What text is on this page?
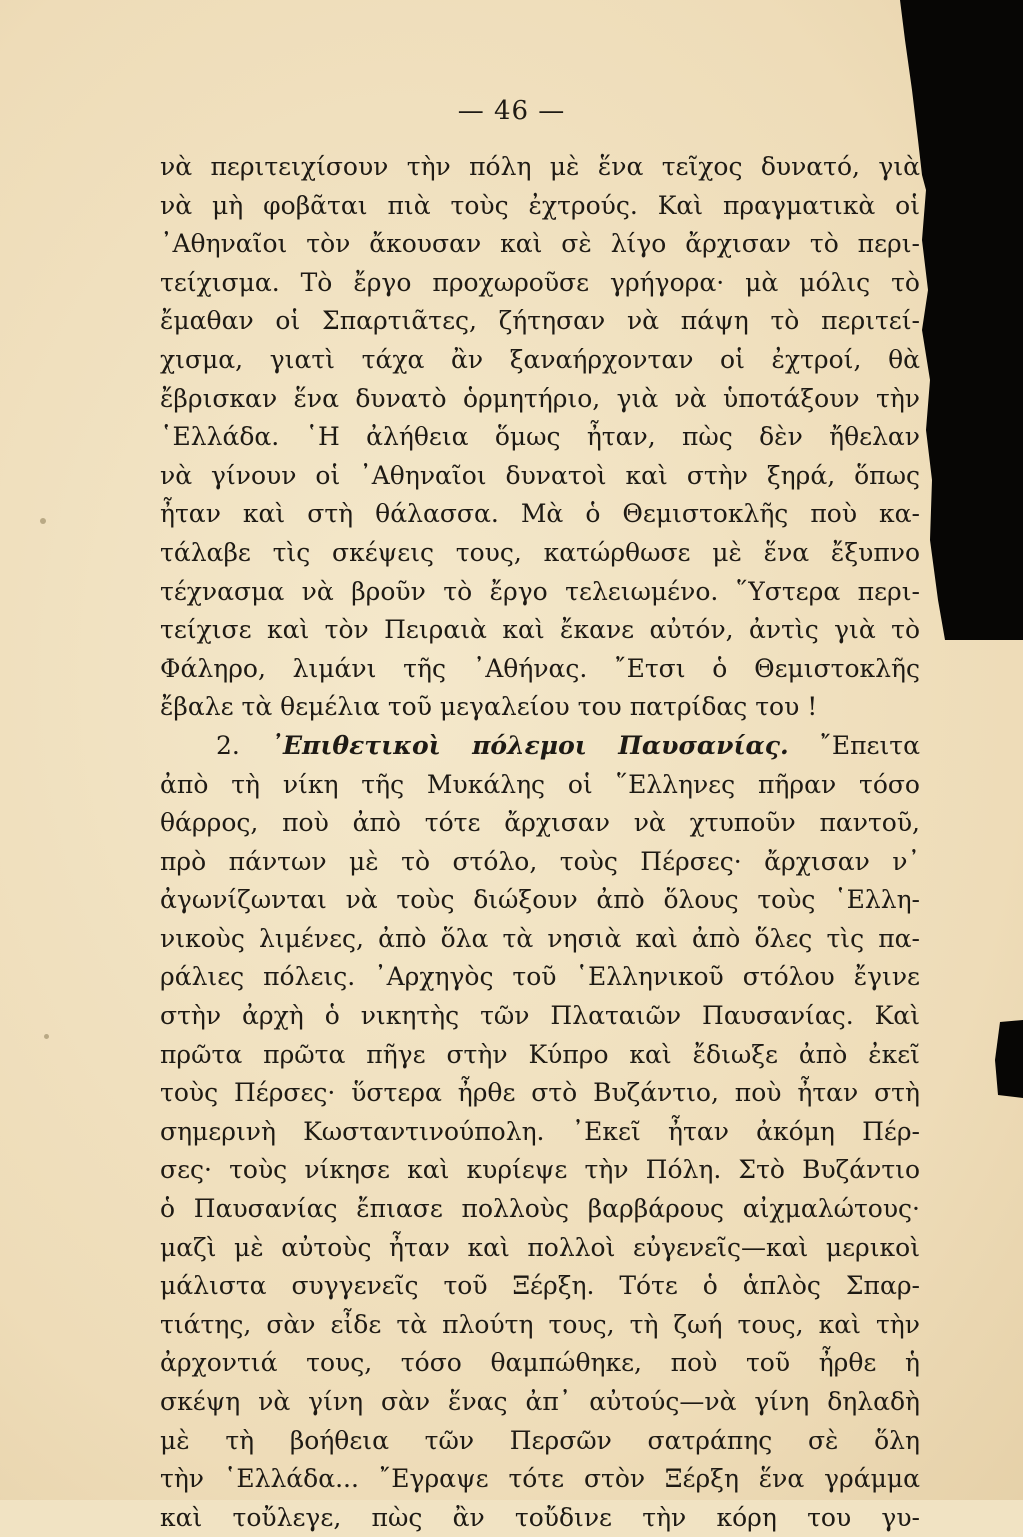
— 46 —
νὰ περιτειχίσουν τὴν πόλη μὲ ἕνα τεῖχος δυνατό, γιὰ
νὰ μὴ φοβᾶται πιὰ τοὺς ἐχτρούς. Καὶ πραγματικὰ οἱ
᾿Αθηναῖοι τὸν ἄκουσαν καὶ σὲ λίγο ἄρχισαν τὸ περι-
τείχισμα. Τὸ ἔργο προχωροῦσε γρήγορα· μὰ μόλις τὸ
ἔμαθαν οἱ Σπαρτιᾶτες, ζήτησαν νὰ πάψη τὸ περιτεί-
χισμα, γιατὶ τάχα ἂν ξαναήρχονταν οἱ ἐχτροί, θὰ
ἔβρισκαν ἕνα δυνατὸ ὁρμητήριο, γιὰ νὰ ὑποτάξουν τὴν
῾Ελλάδα. ῾Η ἀλήθεια ὅμως ἦταν, πὼς δὲν ἤθελαν
νὰ γίνουν οἱ ᾿Αθηναῖοι δυνατοὶ καὶ στὴν ξηρά, ὅπως
ἦταν καὶ στὴ θάλασσα. Μὰ ὁ Θεμιστοκλῆς ποὺ κα-
τάλαβε τὶς σκέψεις τους, κατώρθωσε μὲ ἕνα ἔξυπνο
τέχνασμα νὰ βροῦν τὸ ἔργο τελειωμένο. ῞Υστερα περι-
τείχισε καὶ τὸν Πειραιὰ καὶ ἔκανε αὐτόν, ἀντὶς γιὰ τὸ
Φάληρο, λιμάνι τῆς ᾿Αθήνας. ῎Ετσι ὁ Θεμιστοκλῆς
ἔβαλε τὰ θεμέλια τοῦ μεγαλείου του πατρίδας του !
2. ᾿Επιθετικοὶ πόλεμοι Παυσανίας. ῎Επειτα
ἀπὸ τὴ νίκη τῆς Μυκάλης οἱ ῞Ελληνες πῆραν τόσο
θάρρος, ποὺ ἀπὸ τότε ἄρχισαν νὰ χτυποῦν παντοῦ,
πρὸ πάντων μὲ τὸ στόλο, τοὺς Πέρσες· ἄρχισαν ν᾿
ἀγωνίζωνται νὰ τοὺς διώξουν ἀπὸ ὅλους τοὺς ῾Ελλη-
νικοὺς λιμένες, ἀπὸ ὅλα τὰ νησιὰ καὶ ἀπὸ ὅλες τὶς πα-
ράλιες πόλεις. ᾿Αρχηγὸς τοῦ ῾Ελληνικοῦ στόλου ἔγινε
στὴν ἀρχὴ ὁ νικητὴς τῶν Πλαταιῶν Παυσανίας. Καὶ
πρῶτα πρῶτα πῆγε στὴν Κύπρο καὶ ἔδιωξε ἀπὸ ἐκεῖ
τοὺς Πέρσες· ὕστερα ἦρθε στὸ Βυζάντιο, ποὺ ἦταν στὴ
σημερινὴ Κωσταντινούπολη. ᾿Εκεῖ ἦταν ἀκόμη Πέρ-
σες· τοὺς νίκησε καὶ κυρίεψε τὴν Πόλη. Στὸ Βυζάντιο
ὁ Παυσανίας ἔπιασε πολλοὺς βαρβάρους αἰχμαλώτους·
μαζὶ μὲ αὐτοὺς ἦταν καὶ πολλοὶ εὐγενεῖς—καὶ μερικοὶ
μάλιστα συγγενεῖς τοῦ Ξέρξη. Τότε ὁ ἁπλὸς Σπαρ-
τιάτης, σὰν εἶδε τὰ πλούτη τους, τὴ ζωή τους, καὶ τὴν
ἀρχοντιά τους, τόσο θαμπώθηκε, ποὺ τοῦ ἦρθε ἡ
σκέψη νὰ γίνη σὰν ἕνας ἀπ᾿ αὐτούς—νὰ γίνη δηλαδὴ
μὲ τὴ βοήθεια τῶν Περσῶν σατράπης σὲ ὅλη
τὴν ῾Ελλάδα... ῎Εγραψε τότε στὸν Ξέρξη ἕνα γράμμα
καὶ τοὔλεγε, πὼς ἂν τοὔδινε τὴν κόρη του γυ-
